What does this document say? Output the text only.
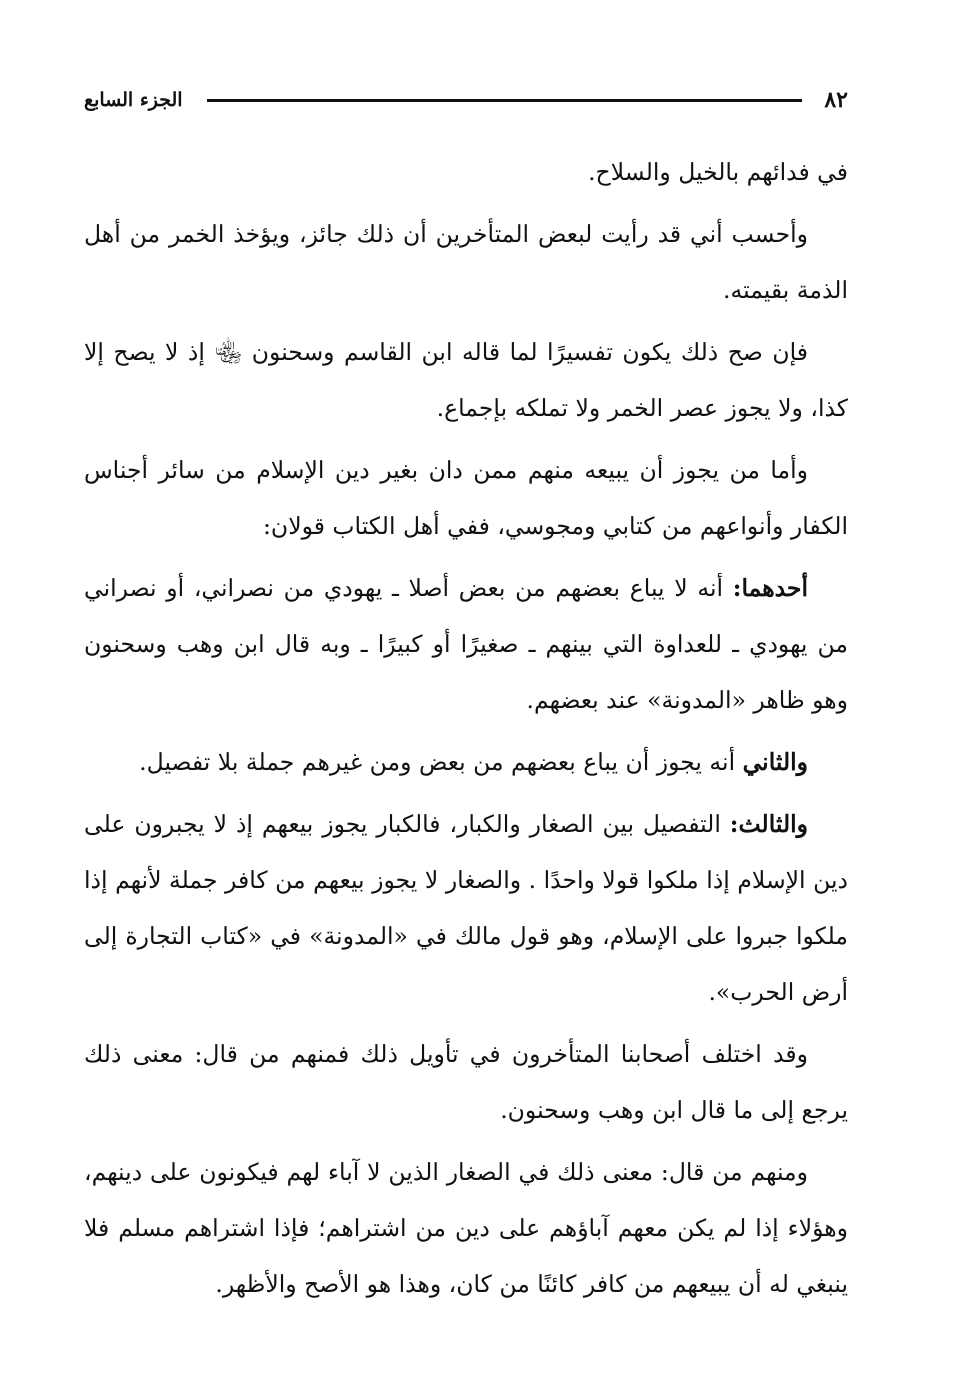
٨٢
الجزء السابع

في فدائهم بالخيل والسلاح.

وأحسب أني قد رأيت لبعض المتأخرين أن ذلك جائز، ويؤخذ الخمر من أهل الذمة بقيمته.

فإن صح ذلك يكون تفسيرًا لما قاله ابن القاسم وسحنون ﵄ إذ لا يصح إلا كذا، ولا يجوز عصر الخمر ولا تملكه بإجماع.

وأما من يجوز أن يبيعه منهم ممن دان بغير دين الإسلام من سائر أجناس الكفار وأنواعهم من كتابي ومجوسي، ففي أهل الكتاب قولان:

أحدهما: أنه لا يباع بعضهم من بعض أصلا ـ يهودي من نصراني، أو نصراني من يهودي ـ للعداوة التي بينهم ـ صغيرًا أو كبيرًا ـ وبه قال ابن وهب وسحنون وهو ظاهر «المدونة» عند بعضهم.

والثاني أنه يجوز أن يباع بعضهم من بعض ومن غيرهم جملة بلا تفصيل.

والثالث: التفصيل بين الصغار والكبار، فالكبار يجوز بيعهم إذ لا يجبرون على دين الإسلام إذا ملكوا قولا واحدًا . والصغار لا يجوز بيعهم من كافر جملة لأنهم إذا ملكوا جبروا على الإسلام، وهو قول مالك في «المدونة» في «كتاب التجارة إلى أرض الحرب».

وقد اختلف أصحابنا المتأخرون في تأويل ذلك فمنهم من قال: معنى ذلك يرجع إلى ما قال ابن وهب وسحنون.

ومنهم من قال: معنى ذلك في الصغار الذين لا آباء لهم فيكونون على دينهم، وهؤلاء إذا لم يكن معهم آباؤهم على دين من اشتراهم؛ فإذا اشتراهم مسلم فلا ينبغي له أن يبيعهم من كافر كائنًا من كان، وهذا هو الأصح والأظهر.
